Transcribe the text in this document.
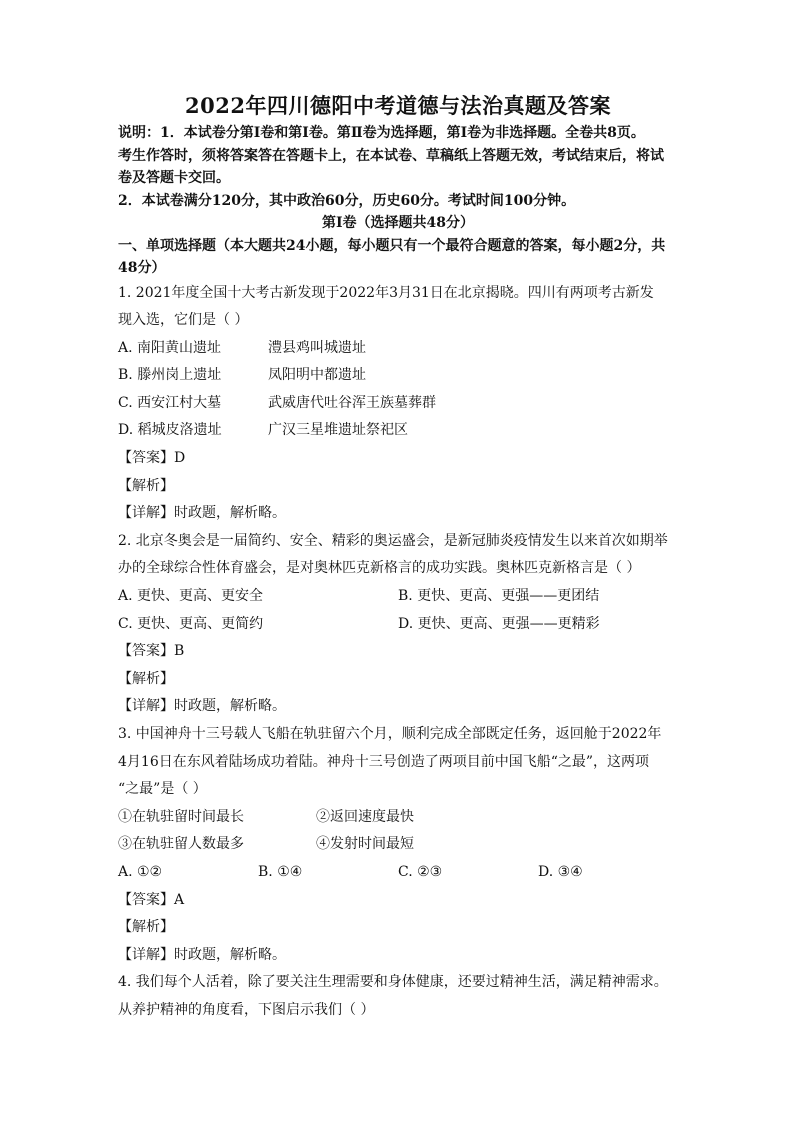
2022年四川德阳中考道德与法治真题及答案

说明：1．本试卷分第Ⅰ卷和第Ⅰ卷。第Ⅱ卷为选择题，第Ⅰ卷为非选择题。全卷共8页。

考生作答时，须将答案答在答题卡上，在本试卷、草稿纸上答题无效，考试结束后，将试

卷及答题卡交回。

2．本试卷满分120分，其中政治60分，历史60分。考试时间100分钟。

第Ⅰ卷（选择题共48分）

一、单项选择题（本大题共24小题，每小题只有一个最符合题意的答案，每小题2分，共

48分）

1. 2021年度全国十大考古新发现于2022年3月31日在北京揭晓。四川有两项考古新发

现入选，它们是（ ）

A. 南阳黄山遗址	澧县鸡叫城遗址
B. 滕州岗上遗址	凤阳明中都遗址
C. 西安江村大墓	武威唐代吐谷浑王族墓葬群
D. 稻城皮洛遗址	广汉三星堆遗址祭祀区

【答案】D

【解析】

【详解】时政题，解析略。

2. 北京冬奥会是一届简约、安全、精彩的奥运盛会，是新冠肺炎疫情发生以来首次如期举

办的全球综合性体育盛会，是对奥林匹克新格言的成功实践。奥林匹克新格言是（ ）

A. 更快、更高、更安全	B. 更快、更高、更强——更团结
C. 更快、更高、更简约	D. 更快、更高、更强——更精彩

【答案】B

【解析】

【详解】时政题，解析略。

3. 中国神舟十三号载人飞船在轨驻留六个月，顺利完成全部既定任务，返回舱于2022年

4月16日在东风着陆场成功着陆。神舟十三号创造了两项目前中国飞船“之最”，这两项

“之最”是（ ）

①在轨驻留时间最长	②返回速度最快
③在轨驻留人数最多	④发射时间最短
A. ①②	B. ①④	C. ②③	D. ③④

【答案】A

【解析】

【详解】时政题，解析略。

4. 我们每个人活着，除了要关注生理需要和身体健康，还要过精神生活，满足精神需求。

从养护精神的角度看，下图启示我们（ ）
